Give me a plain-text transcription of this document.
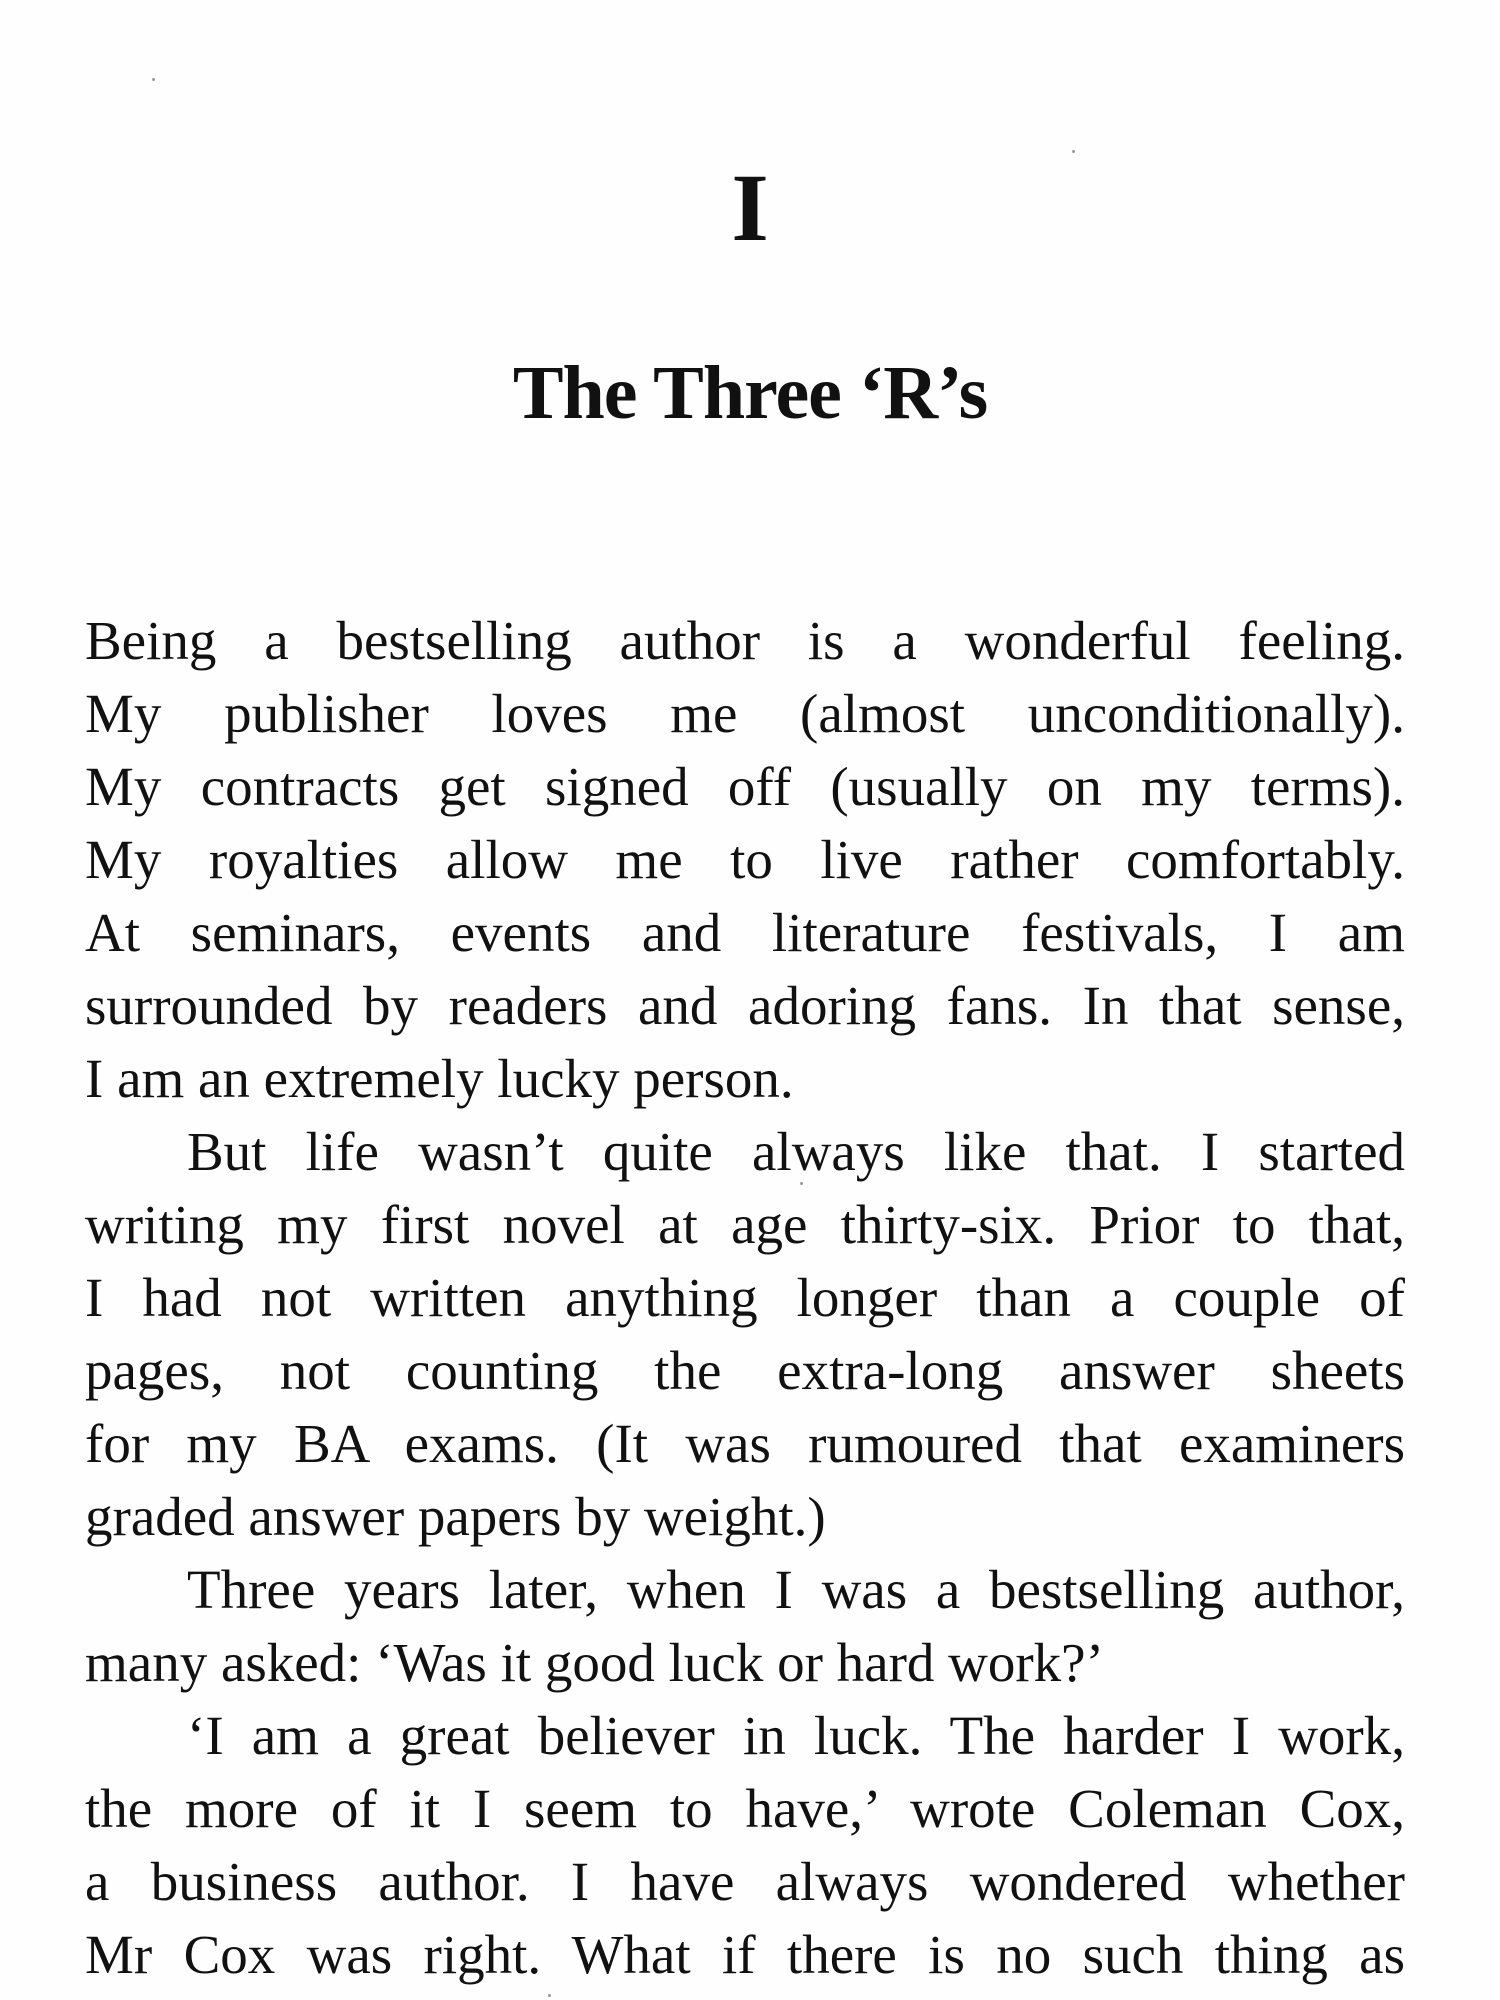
I
The Three ‘R’s
Being a bestselling author is a wonderful feeling.
My publisher loves me (almost unconditionally).
My contracts get signed off (usually on my terms).
My royalties allow me to live rather comfortably.
At seminars, events and literature festivals, I am
surrounded by readers and adoring fans. In that sense,
I am an extremely lucky person.
But life wasn’t quite always like that. I started
writing my first novel at age thirty-six. Prior to that,
I had not written anything longer than a couple of
pages, not counting the extra-long answer sheets
for my BA exams. (It was rumoured that examiners
graded answer papers by weight.)
Three years later, when I was a bestselling author,
many asked: ‘Was it good luck or hard work?’
‘I am a great believer in luck. The harder I work,
the more of it I seem to have,’ wrote Coleman Cox,
a business author. I have always wondered whether
Mr Cox was right. What if there is no such thing as
